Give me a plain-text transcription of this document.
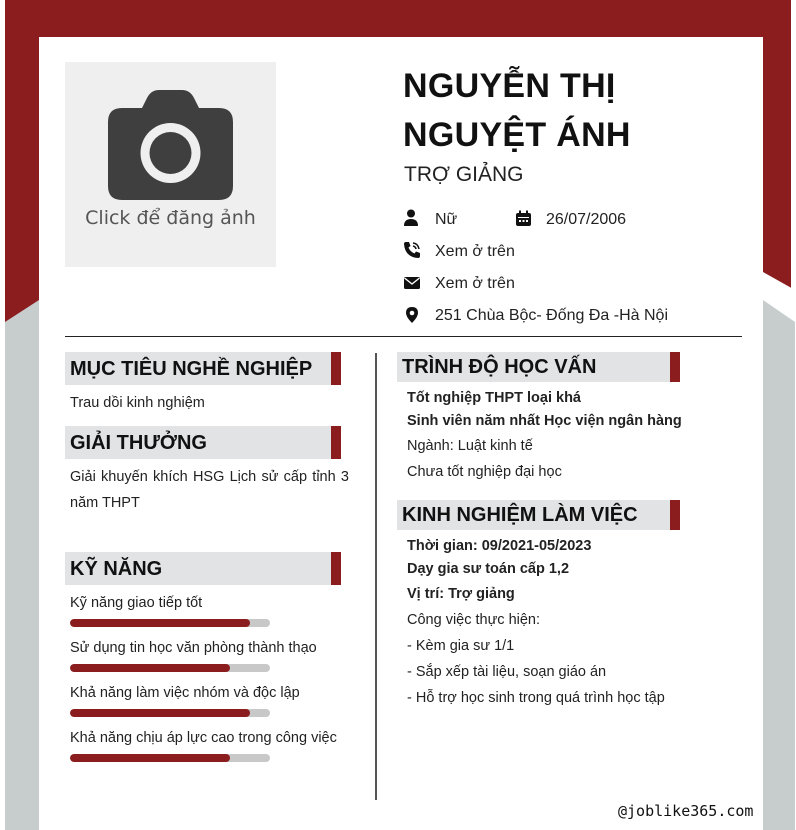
Click để đăng ảnh
NGUYỄN THỊ
NGUYỆT ÁNH
TRỢ GIẢNG
Nữ	26/07/2006
Xem ở trên
Xem ở trên
251 Chùa Bộc- Đống Đa -Hà Nội
MỤC TIÊU NGHỀ NGHIỆP
Trau dồi kinh nghiệm
GIẢI THƯỞNG
Giải khuyến khích HSG Lịch sử cấp tỉnh 3 năm THPT
KỸ NĂNG
Kỹ năng giao tiếp tốt
Sử dụng tin học văn phòng thành thạo
Khả năng làm việc nhóm và độc lập
Khả năng chịu áp lực cao trong công việc
TRÌNH ĐỘ HỌC VẤN
Tốt nghiệp THPT loại khá
Sinh viên năm nhất Học viện ngân hàng
Ngành: Luật kinh tế
Chưa tốt nghiệp đại học
KINH NGHIỆM LÀM VIỆC
Thời gian: 09/2021-05/2023
Dạy gia sư toán cấp 1,2
Vị trí: Trợ giảng
Công việc thực hiện:
- Kèm gia sư 1/1
- Sắp xếp tài liệu, soạn giáo án
- Hỗ trợ học sinh trong quá trình học tập
@joblike365.com
